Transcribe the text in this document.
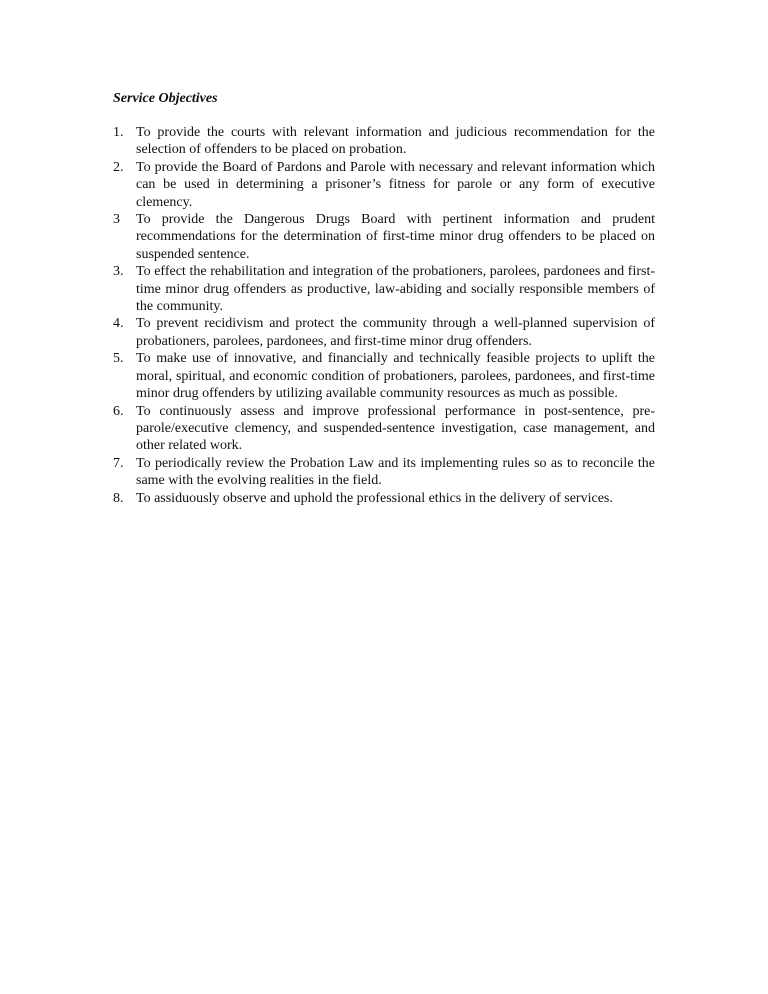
Service Objectives
1. To provide the courts with relevant information and judicious recommendation for the selection of offenders to be placed on probation.
2. To provide the Board of Pardons and Parole with necessary and relevant information which can be used in determining a prisoner’s fitness for parole or any form of executive clemency.
3	To provide the Dangerous Drugs Board with pertinent information and prudent recommendations for the determination of first-time minor drug offenders to be placed on suspended sentence.
3. To effect the rehabilitation and integration of the probationers, parolees, pardonees and first-time minor drug offenders as productive, law-abiding and socially responsible members of the community.
4. To prevent recidivism and protect the community through a well-planned supervision of probationers, parolees, pardonees, and first-time minor drug offenders.
5. To make use of innovative, and financially and technically feasible projects to uplift the moral, spiritual, and economic condition of probationers, parolees, pardonees, and first-time minor drug offenders by utilizing available community resources as much as possible.
6. To continuously assess and improve professional performance in post-sentence, pre-parole/executive clemency, and suspended-sentence investigation, case management, and other related work.
7. To periodically review the Probation Law and its implementing rules so as to reconcile the same with the evolving realities in the field.
8. To assiduously observe and uphold the professional ethics in the delivery of services.
